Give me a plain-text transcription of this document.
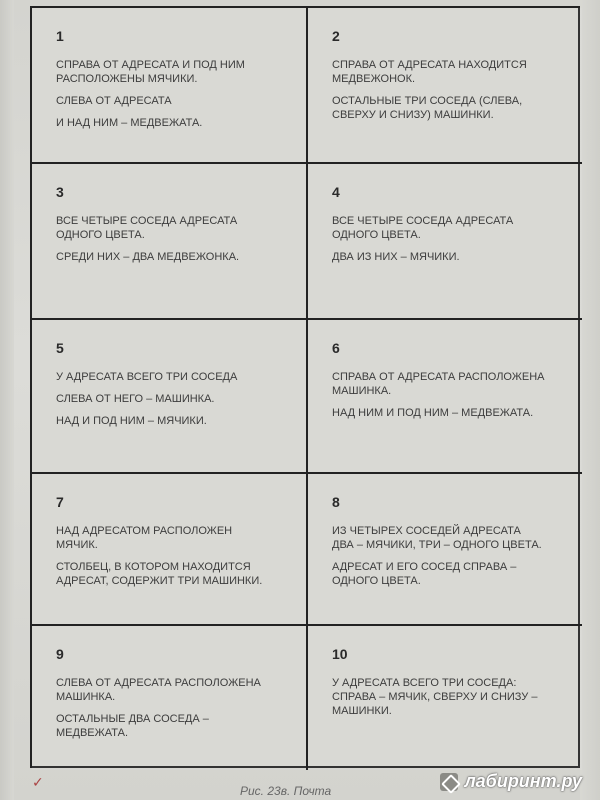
1
СПРАВА ОТ АДРЕСАТА И ПОД НИМ
РАСПОЛОЖЕНЫ МЯЧИКИ.
СЛЕВА ОТ АДРЕСАТА
И НАД НИМ – МЕДВЕЖАТА.
2
СПРАВА ОТ АДРЕСАТА НАХОДИТСЯ
МЕДВЕЖОНОК.
ОСТАЛЬНЫЕ ТРИ СОСЕДА (СЛЕВА,
СВЕРХУ И СНИЗУ) МАШИНКИ.
3
ВСЕ ЧЕТЫРЕ СОСЕДА АДРЕСАТА
ОДНОГО ЦВЕТА.
СРЕДИ НИХ – ДВА МЕДВЕЖОНКА.
4
ВСЕ ЧЕТЫРЕ СОСЕДА АДРЕСАТА
ОДНОГО ЦВЕТА.
ДВА ИЗ НИХ – МЯЧИКИ.
5
У АДРЕСАТА ВСЕГО ТРИ СОСЕДА
СЛЕВА ОТ НЕГО – МАШИНКА.
НАД И ПОД НИМ – МЯЧИКИ.
6
СПРАВА ОТ АДРЕСАТА РАСПОЛОЖЕНА
МАШИНКА.
НАД НИМ И ПОД НИМ – МЕДВЕЖАТА.
7
НАД АДРЕСАТОМ РАСПОЛОЖЕН
МЯЧИК.
СТОЛБЕЦ, В КОТОРОМ НАХОДИТСЯ
АДРЕСАТ, СОДЕРЖИТ ТРИ МАШИНКИ.
8
ИЗ ЧЕТЫРЕХ СОСЕДЕЙ АДРЕСАТА
ДВА – МЯЧИКИ, ТРИ – ОДНОГО ЦВЕТА.
АДРЕСАТ И ЕГО СОСЕД СПРАВА –
ОДНОГО ЦВЕТА.
9
СЛЕВА ОТ АДРЕСАТА РАСПОЛОЖЕНА
МАШИНКА.
ОСТАЛЬНЫЕ ДВА СОСЕДА –
МЕДВЕЖАТА.
10
У АДРЕСАТА ВСЕГО ТРИ СОСЕДА:
СПРАВА – МЯЧИК, СВЕРХУ И СНИЗУ –
МАШИНКИ.
✓
Рис. 23в. Почта	лабиринт.ру
